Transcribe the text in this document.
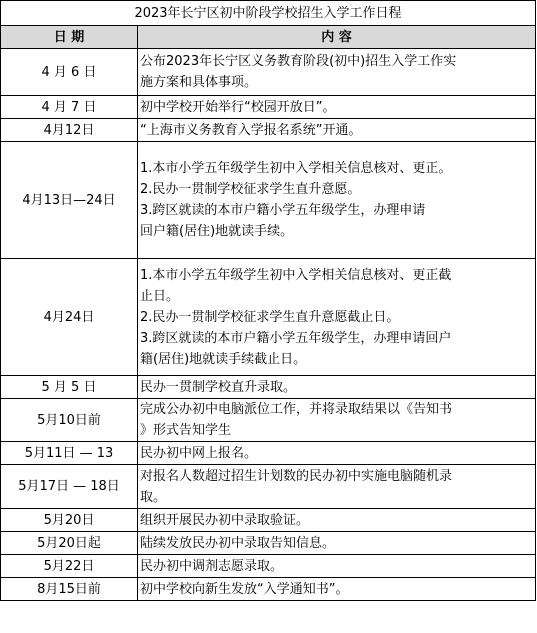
2023年长宁区初中阶段学校招生入学工作日程	
日 期	内 容
4 月 6 日	公布2023年长宁区义务教育阶段(初中)招生入学工作实
施方案和具体事项。

4 月 7 日	初中学校开始举行“校园开放日”。

4月12日	“上海市义务教育入学报名系统”开通。

4月13日—24日	1.本市小学五年级学生初中入学相关信息核对、更正。
2.民办一贯制学校征求学生直升意愿。
3.跨区就读的本市户籍小学五年级学生，办理申请
回户籍(居住)地就读手续。

4月24日	1.本市小学五年级学生初中入学相关信息核对、更正截
止日。
2.民办一贯制学校征求学生直升意愿截止日。
3.跨区就读的本市户籍小学五年级学生，办理申请回户
籍(居住)地就读手续截止日。

5 月 5 日	民办一贯制学校直升录取。

5月10日前	完成公办初中电脑派位工作，并将录取结果以《告知书
》形式告知学生

5月11日 — 13	民办初中网上报名。

5月17日 — 18日	对报名人数超过招生计划数的民办初中实施电脑随机录
取。

5月20日	组织开展民办初中录取验证。

5月20日起	陆续发放民办初中录取告知信息。

5月22日	民办初中调剂志愿录取。

8月15日前	初中学校向新生发放“入学通知书”。
